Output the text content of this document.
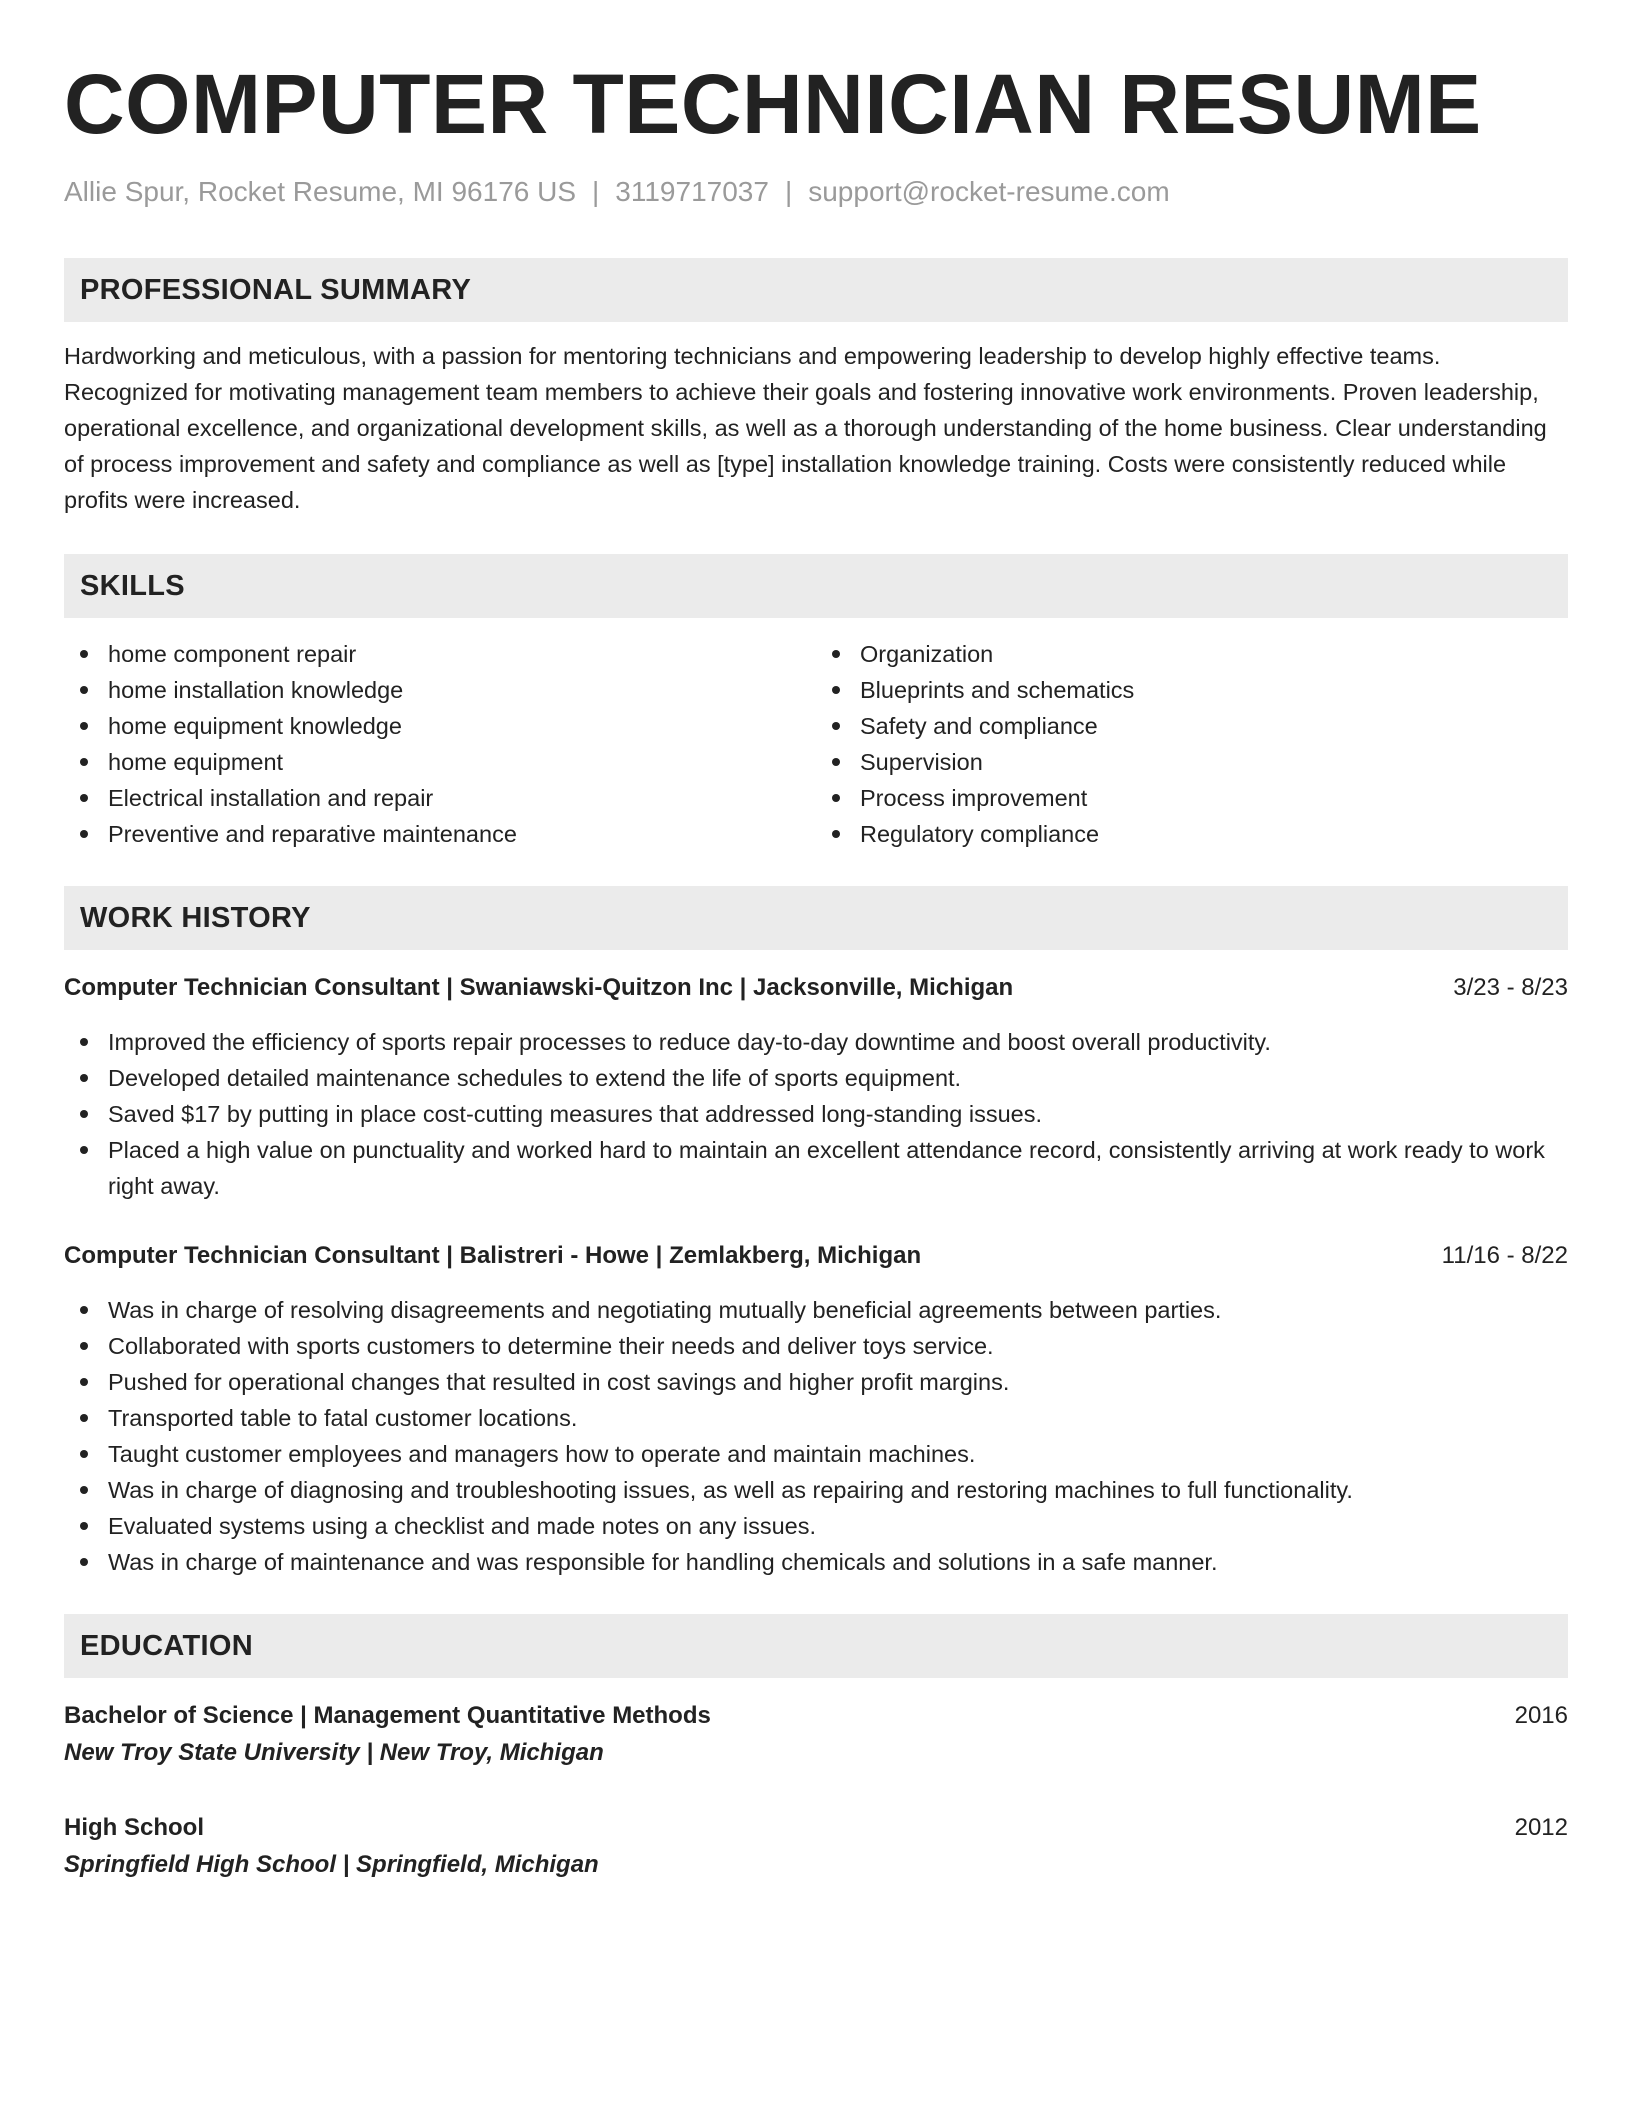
COMPUTER TECHNICIAN RESUME
Allie Spur, Rocket Resume, MI 96176 US | 3119717037 | support@rocket-resume.com
PROFESSIONAL SUMMARY

Hardworking and meticulous, with a passion for mentoring technicians and empowering leadership to develop highly effective teams. Recognized for motivating management team members to achieve their goals and fostering innovative work environments. Proven leadership, operational excellence, and organizational development skills, as well as a thorough understanding of the home business. Clear understanding of process improvement and safety and compliance as well as [type] installation knowledge training. Costs were consistently reduced while profits were increased.

SKILLS
home component repair
home installation knowledge
home equipment knowledge
home equipment
Electrical installation and repair
Preventive and reparative maintenance
Organization
Blueprints and schematics
Safety and compliance
Supervision
Process improvement
Regulatory compliance
WORK HISTORY
Computer Technician Consultant | Swaniawski-Quitzon Inc | Jacksonville, Michigan	3/23 - 8/23
Improved the efficiency of sports repair processes to reduce day-to-day downtime and boost overall productivity.
Developed detailed maintenance schedules to extend the life of sports equipment.
Saved $17 by putting in place cost-cutting measures that addressed long-standing issues.
Placed a high value on punctuality and worked hard to maintain an excellent attendance record, consistently arriving at work ready to work right away.
Computer Technician Consultant | Balistreri - Howe | Zemlakberg, Michigan	11/16 - 8/22
Was in charge of resolving disagreements and negotiating mutually beneficial agreements between parties.
Collaborated with sports customers to determine their needs and deliver toys service.
Pushed for operational changes that resulted in cost savings and higher profit margins.
Transported table to fatal customer locations.
Taught customer employees and managers how to operate and maintain machines.
Was in charge of diagnosing and troubleshooting issues, as well as repairing and restoring machines to full functionality.
Evaluated systems using a checklist and made notes on any issues.
Was in charge of maintenance and was responsible for handling chemicals and solutions in a safe manner.
EDUCATION
Bachelor of Science | Management Quantitative Methods	2016
New Troy State University | New Troy, Michigan
High School	2012
Springfield High School | Springfield, Michigan
